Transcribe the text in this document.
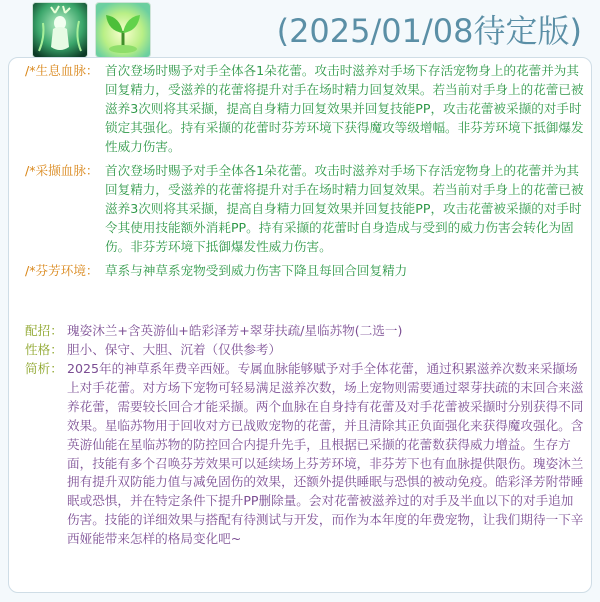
(2025/01/08待定版)
/*生息血脉： 首次登场时赐予对手全体各1朵花蕾。攻击时滋养对手场下存活宠物身上的花蕾并为其回复精力，受滋养的花蕾将提升对手在场时精力回复效果。若当前对手身上的花蕾已被滋养3次则将其采撷，提高自身精力回复效果并回复技能PP，攻击花蕾被采撷的对手时锁定其强化。持有采撷的花蕾时芬芳环境下获得魔攻等级增幅。非芬芳环境下抵御爆发性威力伤害。
/*采撷血脉： 首次登场时赐予对手全体各1朵花蕾。攻击时滋养对手场下存活宠物身上的花蕾并为其回复精力，受滋养的花蕾将提升对手在场时精力回复效果。若当前对手身上的花蕾已被滋养3次则将其采撷，提高自身精力回复效果并回复技能PP，攻击花蕾被采撷的对手时令其使用技能额外消耗PP。持有采撷的花蕾时自身造成与受到的威力伤害会转化为固伤。非芬芳环境下抵御爆发性威力伤害。
/*芬芳环境： 草系与神草系宠物受到威力伤害下降且每回合回复精力
配招： 瑰姿沐兰+含英游仙+皓彩泽芳+翠芽扶疏/星临苏物(二选一)
性格： 胆小、保守、大胆、沉着（仅供参考）
简析： 2025年的神草系年费辛西娅。专属血脉能够赋予对手全体花蕾，通过积累滋养次数来采撷场上对手花蕾。对方场下宠物可轻易满足滋养次数，场上宠物则需要通过翠芽扶疏的末回合来滋养花蕾，需要较长回合才能采撷。两个血脉在自身持有花蕾及对手花蕾被采撷时分别获得不同效果。星临苏物用于回收对方已战败宠物的花蕾，并且清除其正负面强化来获得魔攻强化。含英游仙能在星临苏物的防控回合内提升先手，且根据已采撷的花蕾数获得威力增益。生存方面，技能有多个召唤芬芳效果可以延续场上芬芳环境，非芬芳下也有血脉提供限伤。瑰姿沐兰拥有提升双防能力值与减免固伤的效果，还额外提供睡眠与恐惧的被动免疫。皓彩泽芳附带睡眠或恐惧，并在特定条件下提升PP删除量。会对花蕾被滋养过的对手及半血以下的对手追加伤害。技能的详细效果与搭配有待测试与开发，而作为本年度的年费宠物，让我们期待一下辛西娅能带来怎样的格局变化吧~
